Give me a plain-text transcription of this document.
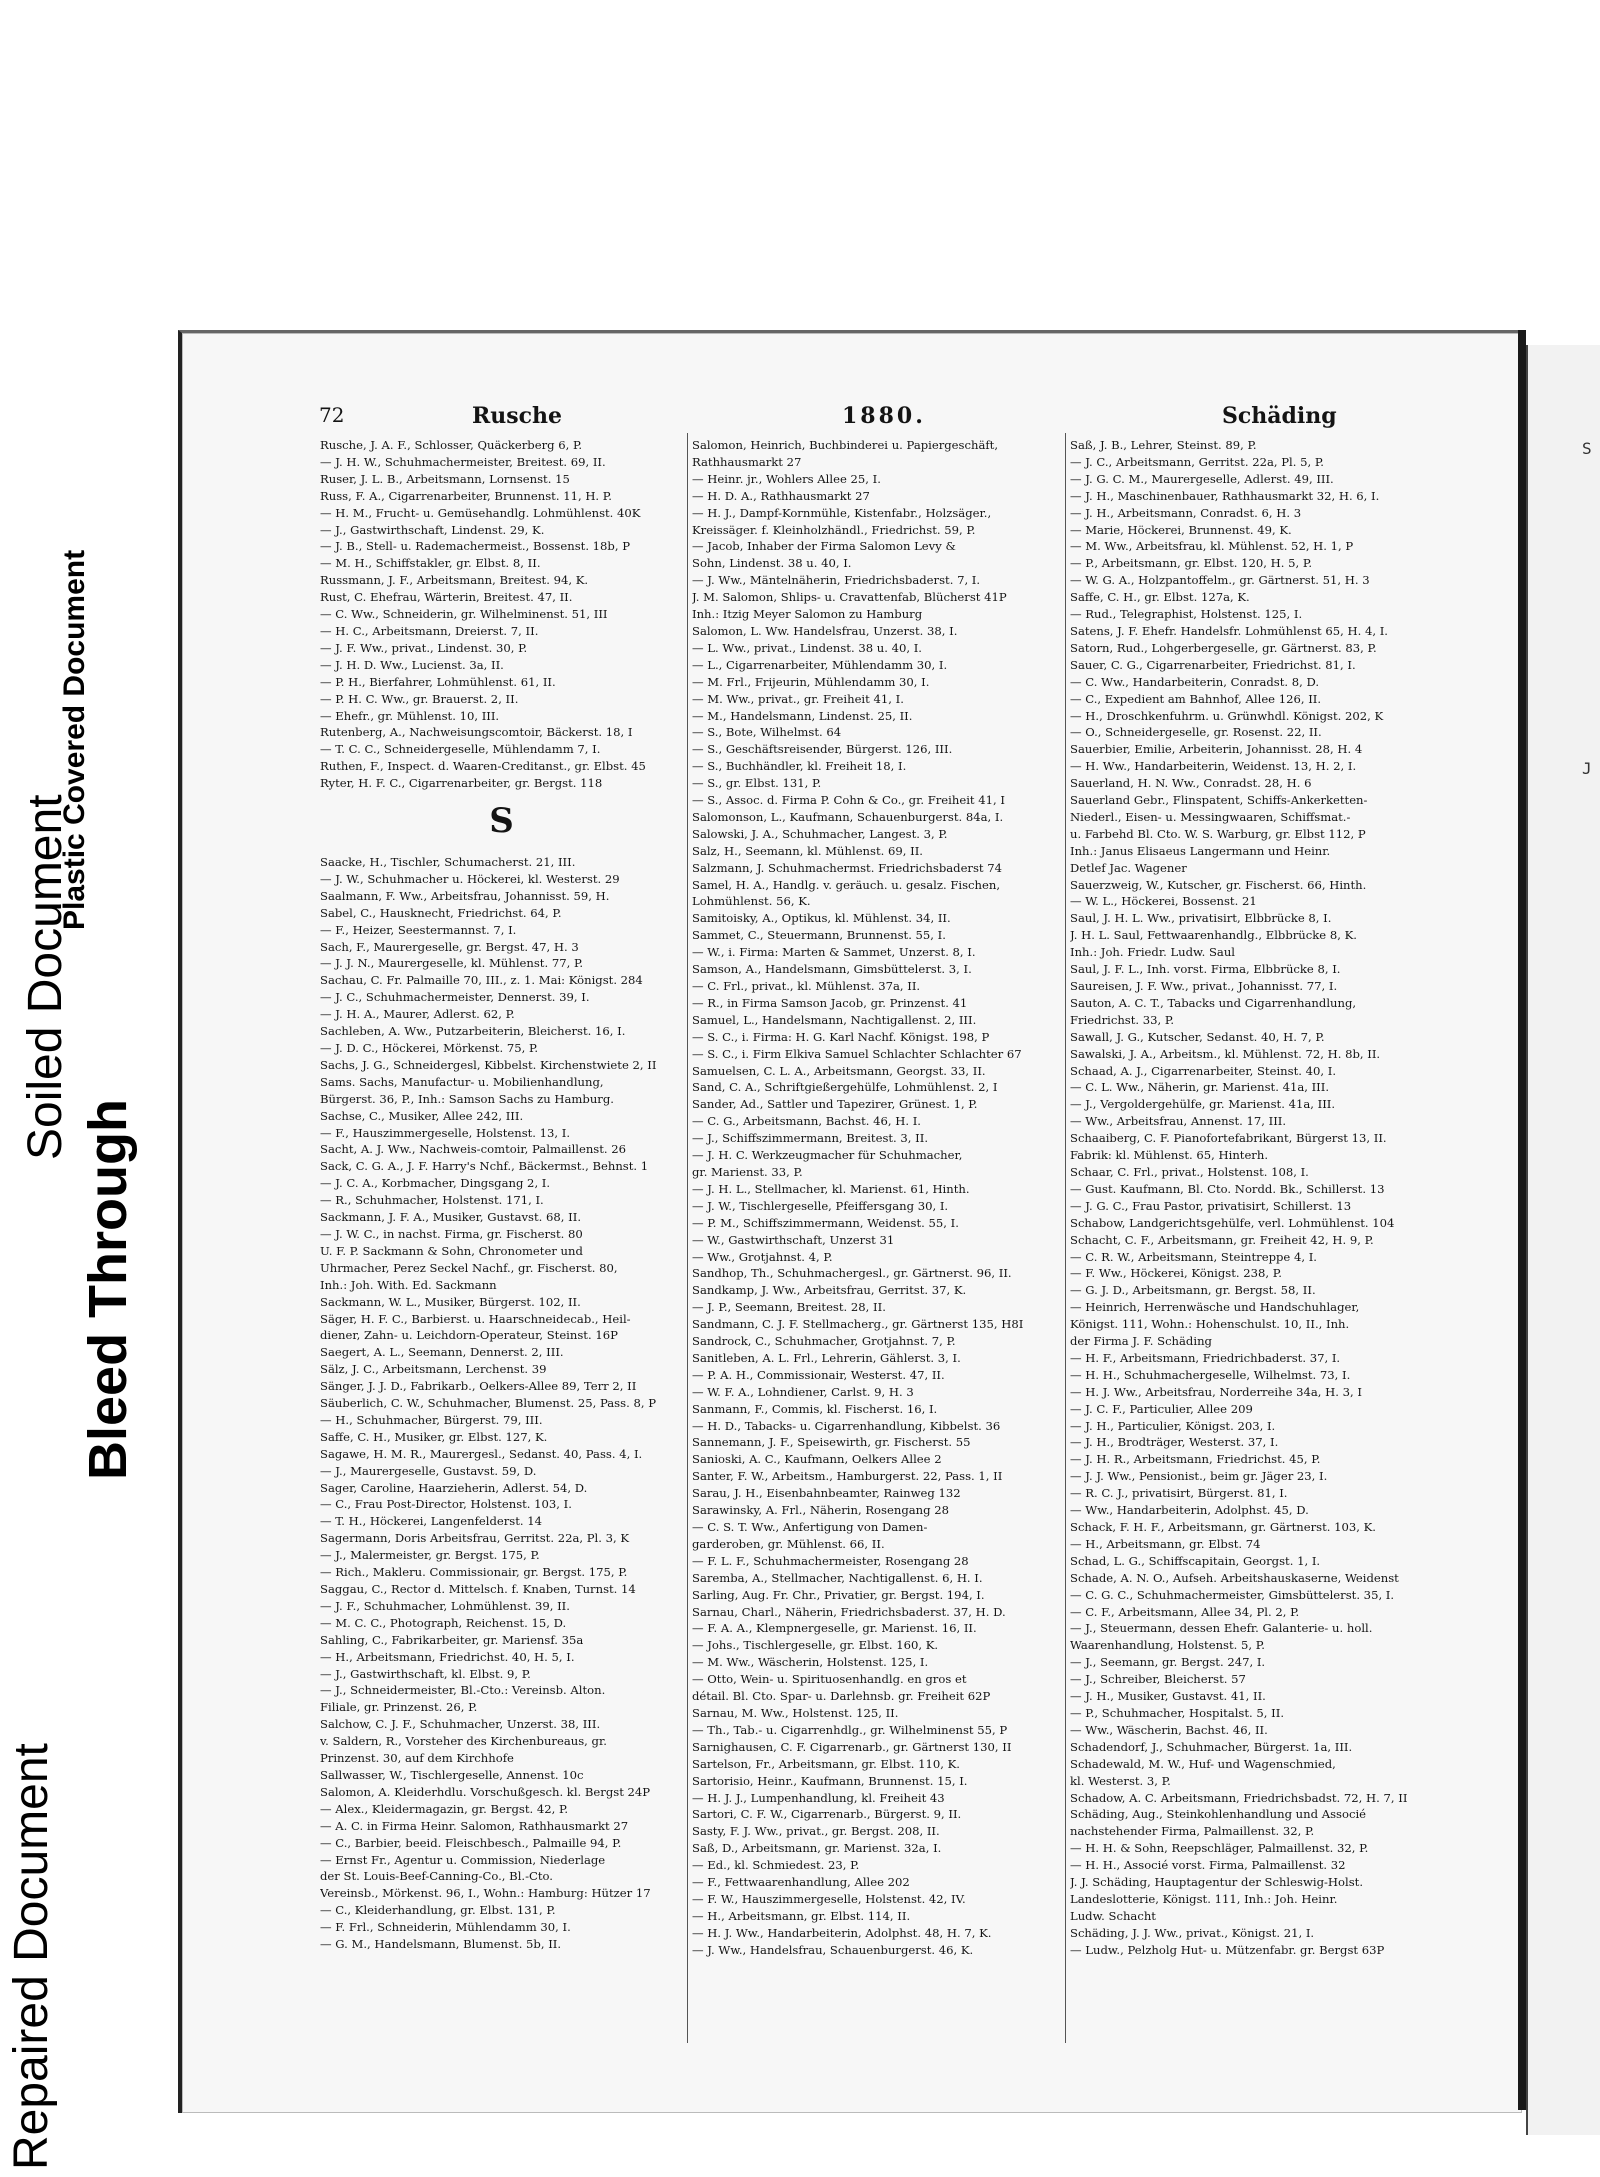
Repaired Document
Soiled Document
Bleed Through
Plastic Covered Document
72	Rusche	1880.	Schäding
Rusche, J. A. F., Schlosser, Quäckerberg 6, P.
— J. H. W., Schuhmachermeister, Breitest. 69, II.
Ruser, J. L. B., Arbeitsmann, Lornsenst. 15
Russ, F. A., Cigarrenarbeiter, Brunnenst. 11, H. P.
— H. M., Frucht- u. Gemüsehandlg. Lohmühlenst. 40K
— J., Gastwirthschaft, Lindenst. 29, K.
— J. B., Stell- u. Rademachermeist., Bossenst. 18b, P
— M. H., Schiffstakler, gr. Elbst. 8, II.
Russmann, J. F., Arbeitsmann, Breitest. 94, K.
Rust, C. Ehefrau, Wärterin, Breitest. 47, II.
— C. Ww., Schneiderin, gr. Wilhelminenst. 51, III
— H. C., Arbeitsmann, Dreierst. 7, II.
— J. F. Ww., privat., Lindenst. 30, P.
— J. H. D. Ww., Lucienst. 3a, II.
— P. H., Bierfahrer, Lohmühlenst. 61, II.
— P. H. C. Ww., gr. Brauerst. 2, II.
— Ehefr., gr. Mühlenst. 10, III.
Rutenberg, A., Nachweisungscomtoir, Bäckerst. 18, I
— T. C. C., Schneidergeselle, Mühlendamm 7, I.
Ruthen, F., Inspect. d. Waaren-Creditanst., gr. Elbst. 45
Ryter, H. F. C., Cigarrenarbeiter, gr. Bergst. 118
S
Saacke, H., Tischler, Schumacherst. 21, III.
— J. W., Schuhmacher u. Höckerei, kl. Westerst. 29
Saalmann, F. Ww., Arbeitsfrau, Johannisst. 59, H.
Sabel, C., Hausknecht, Friedrichst. 64, P.
— F., Heizer, Seestermannst. 7, I.
Sach, F., Maurergeselle, gr. Bergst. 47, H. 3
— J. J. N., Maurergeselle, kl. Mühlenst. 77, P.
Sachau, C. Fr. Palmaille 70, III., z. 1. Mai: Königst. 284
— J. C., Schuhmachermeister, Dennerst. 39, I.
— J. H. A., Maurer, Adlerst. 62, P.
Sachleben, A. Ww., Putzarbeiterin, Bleicherst. 16, I.
— J. D. C., Höckerei, Mörkenst. 75, P.
Sachs, J. G., Schneidergesl, Kibbelst. Kirchenstwiete 2, II
Sams. Sachs, Manufactur- u. Mobilienhandlung,
Bürgerst. 36, P., Inh.: Samson Sachs zu Hamburg.
Sachse, C., Musiker, Allee 242, III.
— F., Hauszimmergeselle, Holstenst. 13, I.
Sacht, A. J. Ww., Nachweis-comtoir, Palmaillenst. 26
Sack, C. G. A., J. F. Harry's Nchf., Bäckermst., Behnst. 1
— J. C. A., Korbmacher, Dingsgang 2, I.
— R., Schuhmacher, Holstenst. 171, I.
Sackmann, J. F. A., Musiker, Gustavst. 68, II.
— J. W. C., in nachst. Firma, gr. Fischerst. 80
U. F. P. Sackmann & Sohn, Chronometer und
Uhrmacher, Perez Seckel Nachf., gr. Fischerst. 80,
Inh.: Joh. With. Ed. Sackmann
Sackmann, W. L., Musiker, Bürgerst. 102, II.
Säger, H. F. C., Barbierst. u. Haarschneidecab., Heil-
diener, Zahn- u. Leichdorn-Operateur, Steinst. 16P
Saegert, A. L., Seemann, Dennerst. 2, III.
Sälz, J. C., Arbeitsmann, Lerchenst. 39
Sänger, J. J. D., Fabrikarb., Oelkers-Allee 89, Terr 2, II
Säuberlich, C. W., Schuhmacher, Blumenst. 25, Pass. 8, P
— H., Schuhmacher, Bürgerst. 79, III.
Saffe, C. H., Musiker, gr. Elbst. 127, K.
Sagawe, H. M. R., Maurergesl., Sedanst. 40, Pass. 4, I.
— J., Maurergeselle, Gustavst. 59, D.
Sager, Caroline, Haarzieherin, Adlerst. 54, D.
— C., Frau Post-Director, Holstenst. 103, I.
— T. H., Höckerei, Langenfelderst. 14
Sagermann, Doris Arbeitsfrau, Gerritst. 22a, Pl. 3, K
— J., Malermeister, gr. Bergst. 175, P.
— Rich., Makleru. Commissionair, gr. Bergst. 175, P.
Saggau, C., Rector d. Mittelsch. f. Knaben, Turnst. 14
— J. F., Schuhmacher, Lohmühlenst. 39, II.
— M. C. C., Photograph, Reichenst. 15, D.
Sahling, C., Fabrikarbeiter, gr. Mariensf. 35a
— H., Arbeitsmann, Friedrichst. 40, H. 5, I.
— J., Gastwirthschaft, kl. Elbst. 9, P.
— J., Schneidermeister, Bl.-Cto.: Vereinsb. Alton.
Filiale, gr. Prinzenst. 26, P.
Salchow, C. J. F., Schuhmacher, Unzerst. 38, III.
v. Saldern, R., Vorsteher des Kirchenbureaus, gr.
Prinzenst. 30, auf dem Kirchhofe
Sallwasser, W., Tischlergeselle, Annenst. 10c
Salomon, A. Kleiderhdlu. Vorschußgesch. kl. Bergst 24P
— Alex., Kleidermagazin, gr. Bergst. 42, P.
— A. C. in Firma Heinr. Salomon, Rathhausmarkt 27
— C., Barbier, beeid. Fleischbesch., Palmaille 94, P.
— Ernst Fr., Agentur u. Commission, Niederlage
der St. Louis-Beef-Canning-Co., Bl.-Cto.
Vereinsb., Mörkenst. 96, I., Wohn.: Hamburg: Hützer 17
— C., Kleiderhandlung, gr. Elbst. 131, P.
— F. Frl., Schneiderin, Mühlendamm 30, I.
— G. M., Handelsmann, Blumenst. 5b, II.
Salomon, Heinrich, Buchbinderei u. Papiergeschäft,
Rathhausmarkt 27
— Heinr. jr., Wohlers Allee 25, I.
— H. D. A., Rathhausmarkt 27
— H. J., Dampf-Kornmühle, Kistenfabr., Holzsäger.,
Kreissäger. f. Kleinholzhändl., Friedrichst. 59, P.
— Jacob, Inhaber der Firma Salomon Levy &
Sohn, Lindenst. 38 u. 40, I.
— J. Ww., Mäntelnäherin, Friedrichsbaderst. 7, I.
J. M. Salomon, Shlips- u. Cravattenfab, Blücherst 41P
Inh.: Itzig Meyer Salomon zu Hamburg
Salomon, L. Ww. Handelsfrau, Unzerst. 38, I.
— L. Ww., privat., Lindenst. 38 u. 40, I.
— L., Cigarrenarbeiter, Mühlendamm 30, I.
— M. Frl., Frijeurin, Mühlendamm 30, I.
— M. Ww., privat., gr. Freiheit 41, I.
— M., Handelsmann, Lindenst. 25, II.
— S., Bote, Wilhelmst. 64
— S., Geschäftsreisender, Bürgerst. 126, III.
— S., Buchhändler, kl. Freiheit 18, I.
— S., gr. Elbst. 131, P.
— S., Assoc. d. Firma P. Cohn & Co., gr. Freiheit 41, I
Salomonson, L., Kaufmann, Schauenburgerst. 84a, I.
Salowski, J. A., Schuhmacher, Langest. 3, P.
Salz, H., Seemann, kl. Mühlenst. 69, II.
Salzmann, J. Schuhmachermst. Friedrichsbaderst 74
Samel, H. A., Handlg. v. geräuch. u. gesalz. Fischen,
Lohmühlenst. 56, K.
Samitoisky, A., Optikus, kl. Mühlenst. 34, II.
Sammet, C., Steuermann, Brunnenst. 55, I.
— W., i. Firma: Marten & Sammet, Unzerst. 8, I.
Samson, A., Handelsmann, Gimsbüttelerst. 3, I.
— C. Frl., privat., kl. Mühlenst. 37a, II.
— R., in Firma Samson Jacob, gr. Prinzenst. 41
Samuel, L., Handelsmann, Nachtigallenst. 2, III.
— S. C., i. Firma: H. G. Karl Nachf. Königst. 198, P
— S. C., i. Firm Elkiva Samuel Schlachter Schlachter 67
Samuelsen, C. L. A., Arbeitsmann, Georgst. 33, II.
Sand, C. A., Schriftgießergehülfe, Lohmühlenst. 2, I
Sander, Ad., Sattler und Tapezirer, Grünest. 1, P.
— C. G., Arbeitsmann, Bachst. 46, H. I.
— J., Schiffszimmermann, Breitest. 3, II.
— J. H. C. Werkzeugmacher für Schuhmacher,
gr. Marienst. 33, P.
— J. H. L., Stellmacher, kl. Marienst. 61, Hinth.
— J. W., Tischlergeselle, Pfeiffersgang 30, I.
— P. M., Schiffszimmermann, Weidenst. 55, I.
— W., Gastwirthschaft, Unzerst 31
— Ww., Grotjahnst. 4, P.
Sandhop, Th., Schuhmachergesl., gr. Gärtnerst. 96, II.
Sandkamp, J. Ww., Arbeitsfrau, Gerritst. 37, K.
— J. P., Seemann, Breitest. 28, II.
Sandmann, C. J. F. Stellmacherg., gr. Gärtnerst 135, H8I
Sandrock, C., Schuhmacher, Grotjahnst. 7, P.
Sanitleben, A. L. Frl., Lehrerin, Gählerst. 3, I.
— P. A. H., Commissionair, Westerst. 47, II.
— W. F. A., Lohndiener, Carlst. 9, H. 3
Sanmann, F., Commis, kl. Fischerst. 16, I.
— H. D., Tabacks- u. Cigarrenhandlung, Kibbelst. 36
Sannemann, J. F., Speisewirth, gr. Fischerst. 55
Sanioski, A. C., Kaufmann, Oelkers Allee 2
Santer, F. W., Arbeitsm., Hamburgerst. 22, Pass. 1, II
Sarau, J. H., Eisenbahnbeamter, Rainweg 132
Sarawinsky, A. Frl., Näherin, Rosengang 28
— C. S. T. Ww., Anfertigung von Damen-
garderoben, gr. Mühlenst. 66, II.
— F. L. F., Schuhmachermeister, Rosengang 28
Saremba, A., Stellmacher, Nachtigallenst. 6, H. I.
Sarling, Aug. Fr. Chr., Privatier, gr. Bergst. 194, I.
Sarnau, Charl., Näherin, Friedrichsbaderst. 37, H. D.
— F. A. A., Klempnergeselle, gr. Marienst. 16, II.
— Johs., Tischlergeselle, gr. Elbst. 160, K.
— M. Ww., Wäscherin, Holstenst. 125, I.
— Otto, Wein- u. Spirituosenhandlg. en gros et
détail. Bl. Cto. Spar- u. Darlehnsb. gr. Freiheit 62P
Sarnau, M. Ww., Holstenst. 125, II.
— Th., Tab.- u. Cigarrenhdlg., gr. Wilhelminenst 55, P
Sarnighausen, C. F. Cigarrenarb., gr. Gärtnerst 130, II
Sartelson, Fr., Arbeitsmann, gr. Elbst. 110, K.
Sartorisio, Heinr., Kaufmann, Brunnenst. 15, I.
— H. J. J., Lumpenhandlung, kl. Freiheit 43
Sartori, C. F. W., Cigarrenarb., Bürgerst. 9, II.
Sasty, F. J. Ww., privat., gr. Bergst. 208, II.
Saß, D., Arbeitsmann, gr. Marienst. 32a, I.
— Ed., kl. Schmiedest. 23, P.
— F., Fettwaarenhandlung, Allee 202
— F. W., Hauszimmergeselle, Holstenst. 42, IV.
— H., Arbeitsmann, gr. Elbst. 114, II.
— H. J. Ww., Handarbeiterin, Adolphst. 48, H. 7, K.
— J. Ww., Handelsfrau, Schauenburgerst. 46, K.
Saß, J. B., Lehrer, Steinst. 89, P.
— J. C., Arbeitsmann, Gerritst. 22a, Pl. 5, P.
— J. G. C. M., Maurergeselle, Adlerst. 49, III.
— J. H., Maschinenbauer, Rathhausmarkt 32, H. 6, I.
— J. H., Arbeitsmann, Conradst. 6, H. 3
— Marie, Höckerei, Brunnenst. 49, K.
— M. Ww., Arbeitsfrau, kl. Mühlenst. 52, H. 1, P
— P., Arbeitsmann, gr. Elbst. 120, H. 5, P.
— W. G. A., Holzpantoffelm., gr. Gärtnerst. 51, H. 3
Saffe, C. H., gr. Elbst. 127a, K.
— Rud., Telegraphist, Holstenst. 125, I.
Satens, J. F. Ehefr. Handelsfr. Lohmühlenst 65, H. 4, I.
Satorn, Rud., Lohgerbergeselle, gr. Gärtnerst. 83, P.
Sauer, C. G., Cigarrenarbeiter, Friedrichst. 81, I.
— C. Ww., Handarbeiterin, Conradst. 8, D.
— C., Expedient am Bahnhof, Allee 126, II.
— H., Droschkenfuhrm. u. Grünwhdl. Königst. 202, K
— O., Schneidergeselle, gr. Rosenst. 22, II.
Sauerbier, Emilie, Arbeiterin, Johannisst. 28, H. 4
— H. Ww., Handarbeiterin, Weidenst. 13, H. 2, I.
Sauerland, H. N. Ww., Conradst. 28, H. 6
Sauerland Gebr., Flinspatent, Schiffs-Ankerketten-
Niederl., Eisen- u. Messingwaaren, Schiffsmat.-
u. Farbehd Bl. Cto. W. S. Warburg, gr. Elbst 112, P
Inh.: Janus Elisaeus Langermann und Heinr.
Detlef Jac. Wagener
Sauerzweig, W., Kutscher, gr. Fischerst. 66, Hinth.
— W. L., Höckerei, Bossenst. 21
Saul, J. H. L. Ww., privatisirt, Elbbrücke 8, I.
J. H. L. Saul, Fettwaarenhandlg., Elbbrücke 8, K.
Inh.: Joh. Friedr. Ludw. Saul
Saul, J. F. L., Inh. vorst. Firma, Elbbrücke 8, I.
Saureisen, J. F. Ww., privat., Johannisst. 77, I.
Sauton, A. C. T., Tabacks und Cigarrenhandlung,
Friedrichst. 33, P.
Sawall, J. G., Kutscher, Sedanst. 40, H. 7, P.
Sawalski, J. A., Arbeitsm., kl. Mühlenst. 72, H. 8b, II.
Schaad, A. J., Cigarrenarbeiter, Steinst. 40, I.
— C. L. Ww., Näherin, gr. Marienst. 41a, III.
— J., Vergoldergehülfe, gr. Marienst. 41a, III.
— Ww., Arbeitsfrau, Annenst. 17, III.
Schaaiberg, C. F. Pianofortefabrikant, Bürgerst 13, II.
Fabrik: kl. Mühlenst. 65, Hinterh.
Schaar, C. Frl., privat., Holstenst. 108, I.
— Gust. Kaufmann, Bl. Cto. Nordd. Bk., Schillerst. 13
— J. G. C., Frau Pastor, privatisirt, Schillerst. 13
Schabow, Landgerichtsgehülfe, verl. Lohmühlenst. 104
Schacht, C. F., Arbeitsmann, gr. Freiheit 42, H. 9, P.
— C. R. W., Arbeitsmann, Steintreppe 4, I.
— F. Ww., Höckerei, Königst. 238, P.
— G. J. D., Arbeitsmann, gr. Bergst. 58, II.
— Heinrich, Herrenwäsche und Handschuhlager,
Königst. 111, Wohn.: Hohenschulst. 10, II., Inh.
der Firma J. F. Schäding
— H. F., Arbeitsmann, Friedrichbaderst. 37, I.
— H. H., Schuhmachergeselle, Wilhelmst. 73, I.
— H. J. Ww., Arbeitsfrau, Norderreihe 34a, H. 3, I
— J. C. F., Particulier, Allee 209
— J. H., Particulier, Königst. 203, I.
— J. H., Brodträger, Westerst. 37, I.
— J. H. R., Arbeitsmann, Friedrichst. 45, P.
— J. J. Ww., Pensionist., beim gr. Jäger 23, I.
— R. C. J., privatisirt, Bürgerst. 81, I.
— Ww., Handarbeiterin, Adolphst. 45, D.
Schack, F. H. F., Arbeitsmann, gr. Gärtnerst. 103, K.
— H., Arbeitsmann, gr. Elbst. 74
Schad, L. G., Schiffscapitain, Georgst. 1, I.
Schade, A. N. O., Aufseh. Arbeitshauskaserne, Weidenst
— C. G. C., Schuhmachermeister, Gimsbüttelerst. 35, I.
— C. F., Arbeitsmann, Allee 34, Pl. 2, P.
— J., Steuermann, dessen Ehefr. Galanterie- u. holl.
Waarenhandlung, Holstenst. 5, P.
— J., Seemann, gr. Bergst. 247, I.
— J., Schreiber, Bleicherst. 57
— J. H., Musiker, Gustavst. 41, II.
— P., Schuhmacher, Hospitalst. 5, II.
— Ww., Wäscherin, Bachst. 46, II.
Schadendorf, J., Schuhmacher, Bürgerst. 1a, III.
Schadewald, M. W., Huf- und Wagenschmied,
kl. Westerst. 3, P.
Schadow, A. C. Arbeitsmann, Friedrichsbadst. 72, H. 7, II
Schäding, Aug., Steinkohlenhandlung und Associé
nachstehender Firma, Palmaillenst. 32, P.
— H. H. & Sohn, Reepschläger, Palmaillenst. 32, P.
— H. H., Associé vorst. Firma, Palmaillenst. 32
J. J. Schäding, Hauptagentur der Schleswig-Holst.
Landeslotterie, Königst. 111, Inh.: Joh. Heinr.
Ludw. Schacht
Schäding, J. J. Ww., privat., Königst. 21, I.
— Ludw., Pelzholg Hut- u. Mützenfabr. gr. Bergst 63P
S
J
